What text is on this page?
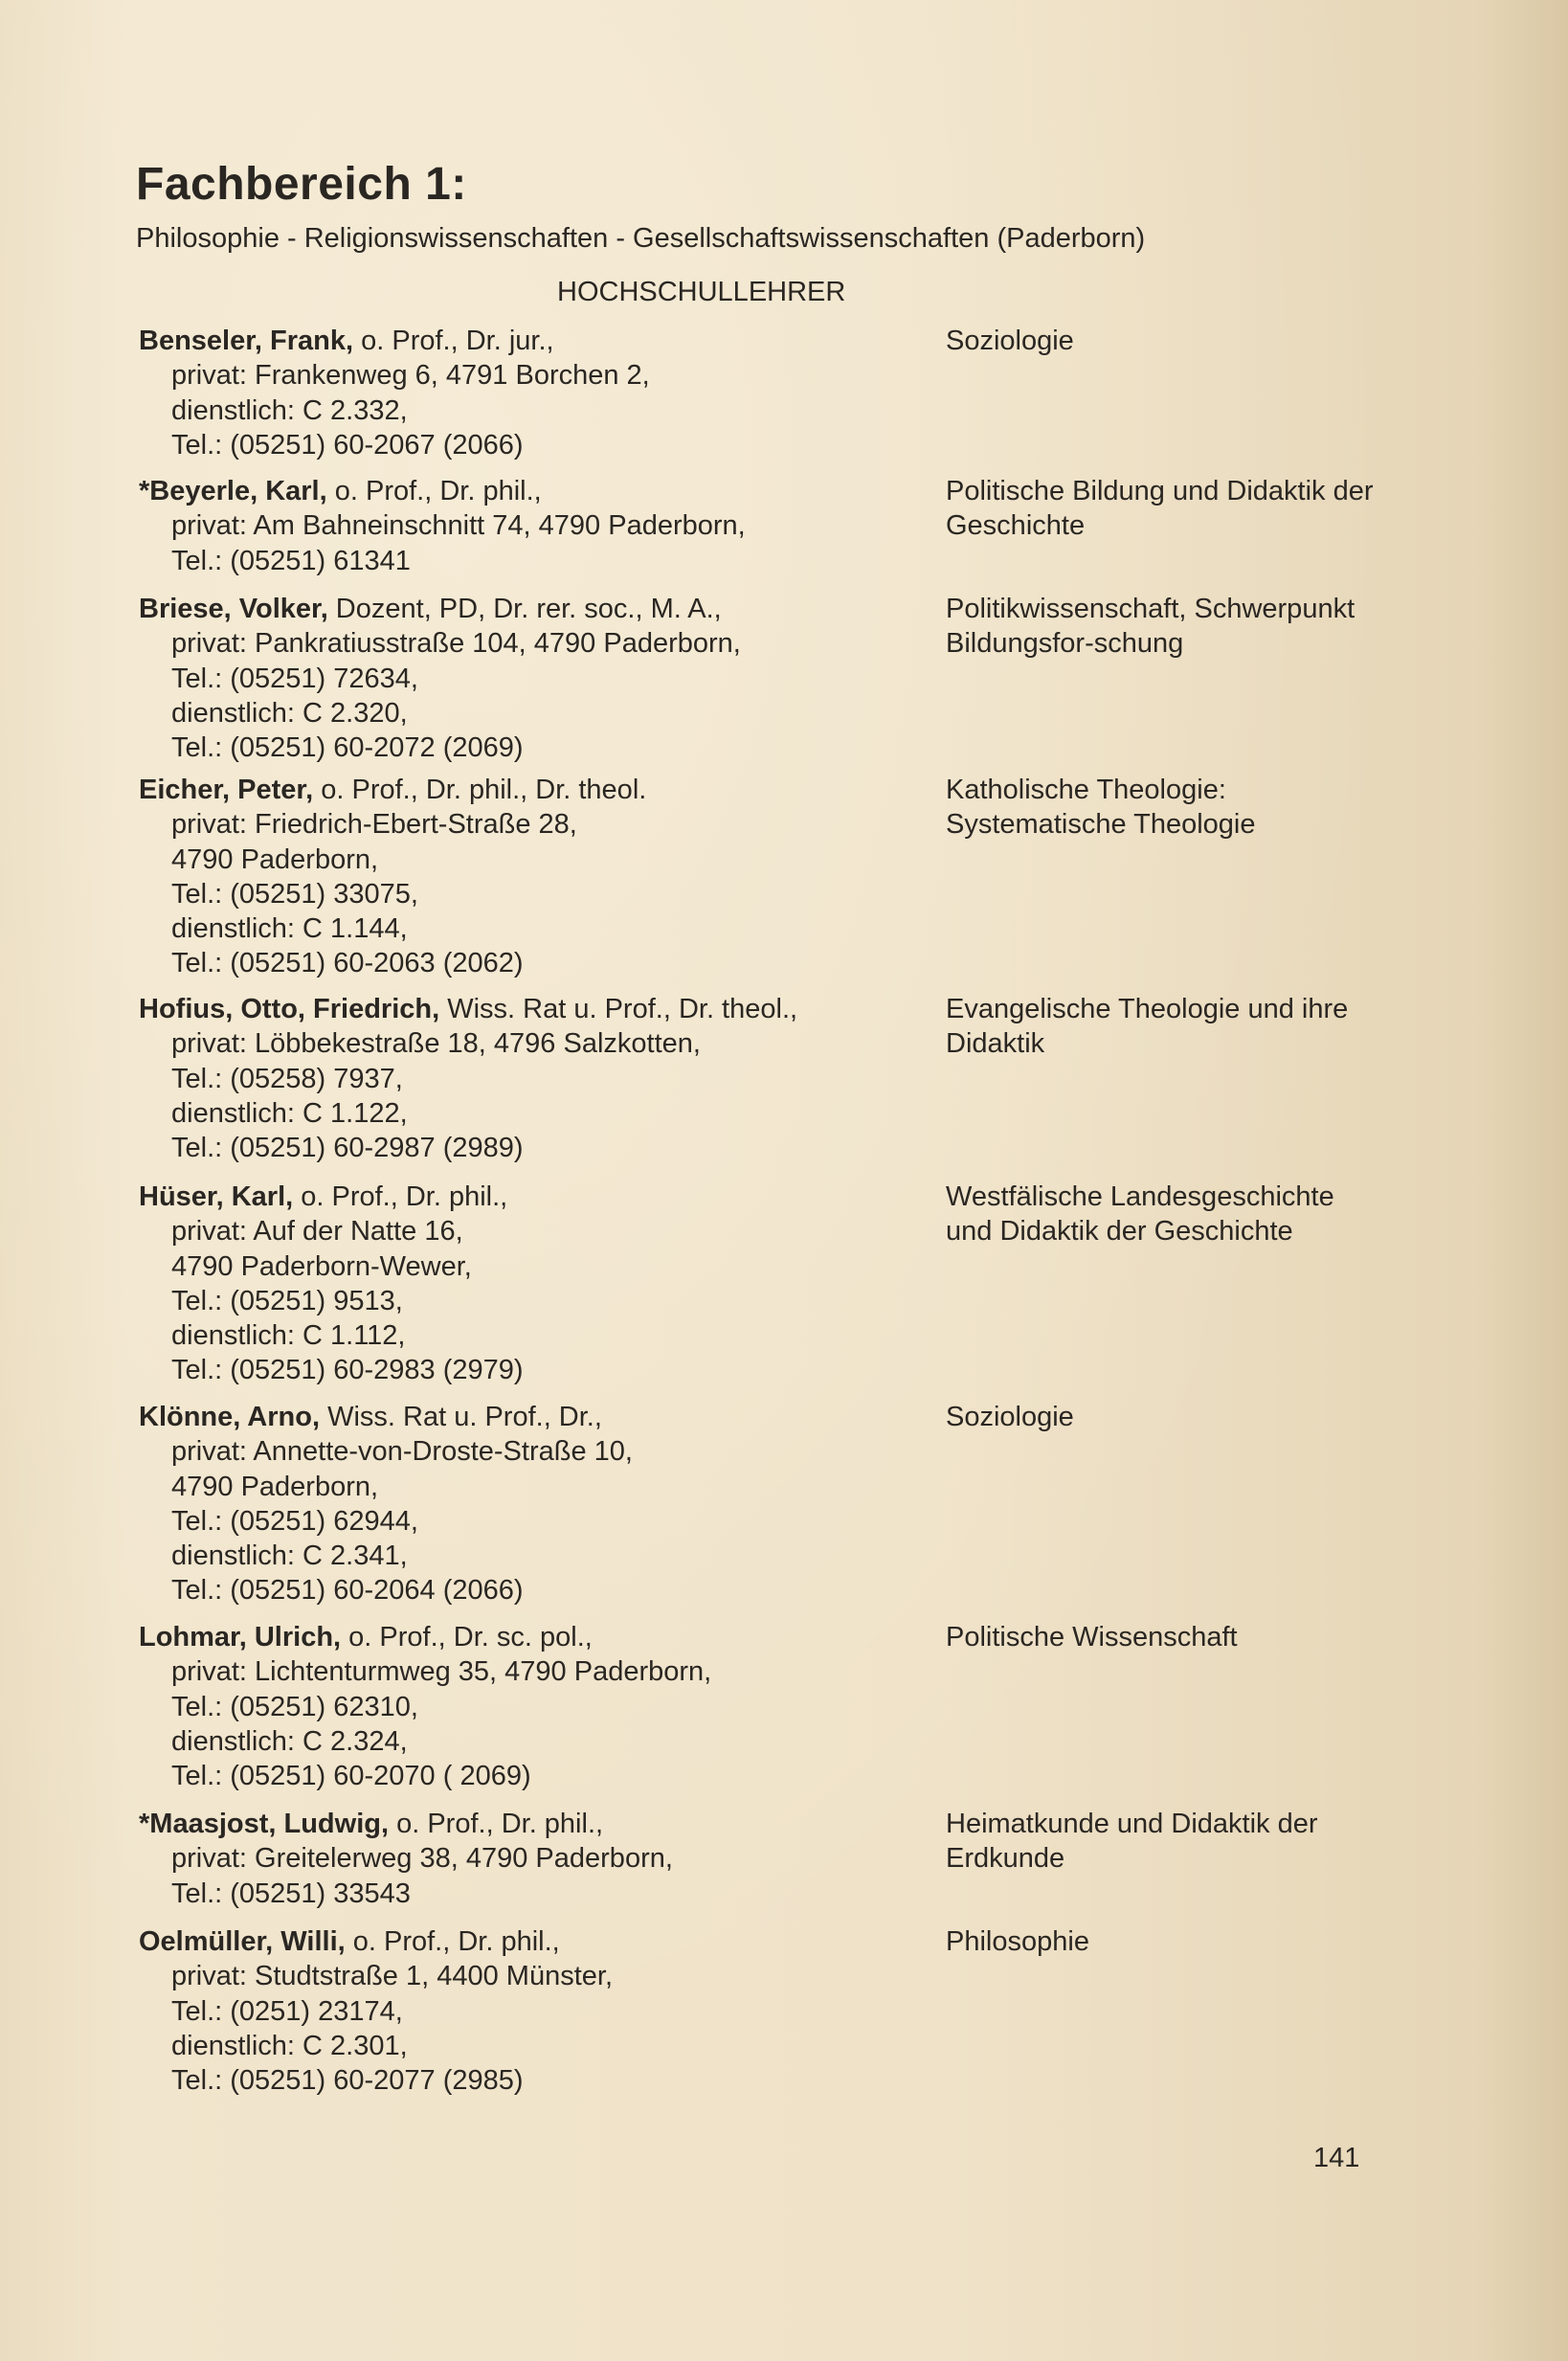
Fachbereich 1:
Philosophie - Religionswissenschaften - Gesellschaftswissenschaften (Paderborn)
HOCHSCHULLEHRER
Benseler, Frank, o. Prof., Dr. jur.,
privat: Frankenweg 6, 4791 Borchen 2,
dienstlich: C 2.332,
Tel.: (05251) 60-2067 (2066)
Soziologie
*Beyerle, Karl, o. Prof., Dr. phil.,
privat: Am Bahneinschnitt 74, 4790 Paderborn,
Tel.: (05251) 61341
Politische Bildung und Didaktik der Geschichte
Briese, Volker, Dozent, PD, Dr. rer. soc., M. A.,
privat: Pankratiusstraße 104, 4790 Paderborn,
Tel.: (05251) 72634,
dienstlich: C 2.320,
Tel.: (05251) 60-2072 (2069)
Politikwissenschaft, Schwerpunkt Bildungsfor-schung
Eicher, Peter, o. Prof., Dr. phil., Dr. theol.
privat: Friedrich-Ebert-Straße 28,
4790 Paderborn,
Tel.: (05251) 33075,
dienstlich: C 1.144,
Tel.: (05251) 60-2063 (2062)
Katholische Theologie: Systematische Theologie
Hofius, Otto, Friedrich, Wiss. Rat u. Prof., Dr. theol.,
privat: Löbbekestraße 18, 4796 Salzkotten,
Tel.: (05258) 7937,
dienstlich: C 1.122,
Tel.: (05251) 60-2987 (2989)
Evangelische Theologie und ihre Didaktik
Hüser, Karl, o. Prof., Dr. phil.,
privat: Auf der Natte 16,
4790 Paderborn-Wewer,
Tel.: (05251) 9513,
dienstlich: C 1.112,
Tel.: (05251) 60-2983 (2979)
Westfälische Landesgeschichte und Didaktik der Geschichte
Klönne, Arno, Wiss. Rat u. Prof., Dr.,
privat: Annette-von-Droste-Straße 10,
4790 Paderborn,
Tel.: (05251) 62944,
dienstlich: C 2.341,
Tel.: (05251) 60-2064 (2066)
Soziologie
Lohmar, Ulrich, o. Prof., Dr. sc. pol.,
privat: Lichtenturmweg 35, 4790 Paderborn,
Tel.: (05251) 62310,
dienstlich: C 2.324,
Tel.: (05251) 60-2070 ( 2069)
Politische Wissenschaft
*Maasjost, Ludwig, o. Prof., Dr. phil.,
privat: Greitelerweg 38, 4790 Paderborn,
Tel.: (05251) 33543
Heimatkunde und Didaktik der Erdkunde
Oelmüller, Willi, o. Prof., Dr. phil.,
privat: Studtstraße 1, 4400 Münster,
Tel.: (0251) 23174,
dienstlich: C 2.301,
Tel.: (05251) 60-2077 (2985)
Philosophie
141
